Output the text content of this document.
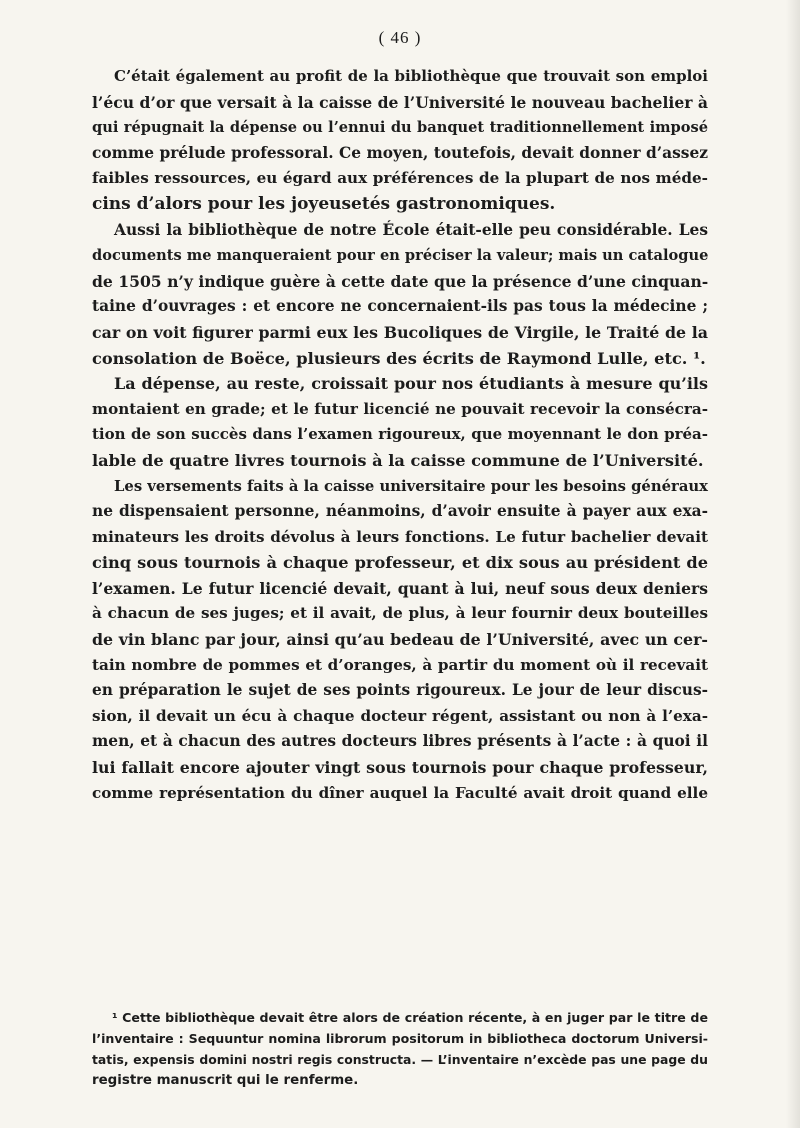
( 46 )
C’était également au profit de la bibliothèque que trouvait son emploi
l’écu d’or que versait à la caisse de l’Université le nouveau bachelier à
qui répugnait la dépense ou l’ennui du banquet traditionnellement imposé
comme prélude professoral. Ce moyen, toutefois, devait donner d’assez
faibles ressources, eu égard aux préférences de la plupart de nos méde-
cins d’alors pour les joyeusetés gastronomiques.
Aussi la bibliothèque de notre École était-elle peu considérable. Les
documents me manqueraient pour en préciser la valeur; mais un catalogue
de 1505 n’y indique guère à cette date que la présence d’une cinquan-
taine d’ouvrages : et encore ne concernaient-ils pas tous la médecine ;
car on voit figurer parmi eux les Bucoliques de Virgile, le Traité de la
consolation de Boëce, plusieurs des écrits de Raymond Lulle, etc. ¹.
La dépense, au reste, croissait pour nos étudiants à mesure qu’ils
montaient en grade; et le futur licencié ne pouvait recevoir la consécra-
tion de son succès dans l’examen rigoureux, que moyennant le don préa-
lable de quatre livres tournois à la caisse commune de l’Université.
Les versements faits à la caisse universitaire pour les besoins généraux
ne dispensaient personne, néanmoins, d’avoir ensuite à payer aux exa-
minateurs les droits dévolus à leurs fonctions. Le futur bachelier devait
cinq sous tournois à chaque professeur, et dix sous au président de
l’examen. Le futur licencié devait, quant à lui, neuf sous deux deniers
à chacun de ses juges; et il avait, de plus, à leur fournir deux bouteilles
de vin blanc par jour, ainsi qu’au bedeau de l’Université, avec un cer-
tain nombre de pommes et d’oranges, à partir du moment où il recevait
en préparation le sujet de ses points rigoureux. Le jour de leur discus-
sion, il devait un écu à chaque docteur régent, assistant ou non à l’exa-
men, et à chacun des autres docteurs libres présents à l’acte : à quoi il
lui fallait encore ajouter vingt sous tournois pour chaque professeur,
comme représentation du dîner auquel la Faculté avait droit quand elle
¹ Cette bibliothèque devait être alors de création récente, à en juger par le titre de
l’inventaire : Sequuntur nomina librorum positorum in bibliotheca doctorum Universi-
tatis, expensis domini nostri regis constructa. — L’inventaire n’excède pas une page du
registre manuscrit qui le renferme.
